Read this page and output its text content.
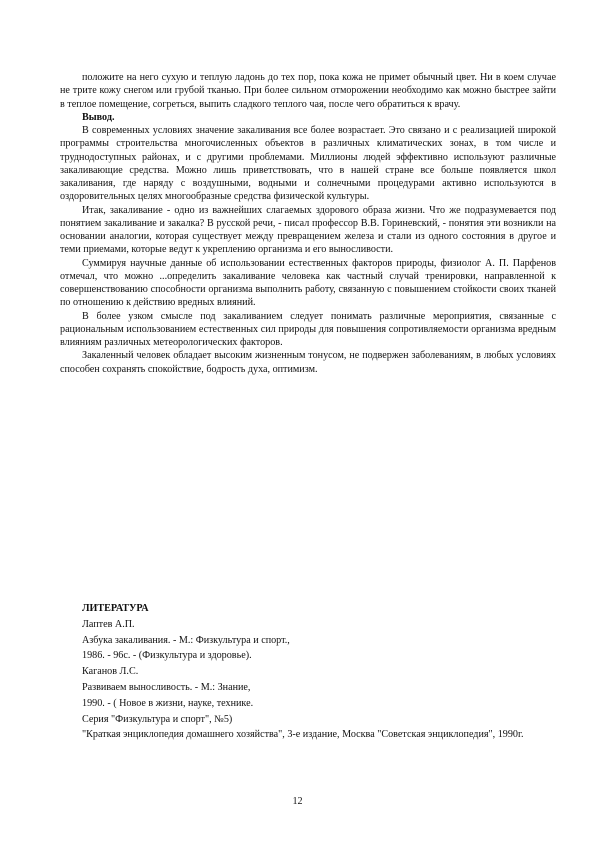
положите на него сухую и теплую ладонь до тех пор, пока кожа не примет обычный цвет. Ни в коем случае не трите кожу снегом или грубой тканью. При более сильном отморожении необходимо как можно быстрее зайти в теплое помещение, согреться, выпить сладкого теплого чая, после чего обратиться к врачу.

Вывод.

В современных условиях значение закаливания все более возрастает. Это связано и с реализацией широкой программы строительства многочисленных объектов в различных климатических зонах, в том числе и труднодоступных районах, и с другими проблемами. Миллионы людей эффективно используют различные закаливающие средства. Можно лишь приветствовать, что в нашей стране все больше появляется школ закаливания, где наряду с воздушными, водными и солнечными процедурами активно используются в оздоровительных целях многообразные средства физической культуры.

Итак, закаливание - одно из важнейших слагаемых здорового образа жизни. Что же подразумевается под понятием закаливание и закалка? В русской речи, - писал профессор В.В. Гориневский, - понятия эти возникли на основании аналогии, которая существует между превращением железа и стали из одного состояния в другое и теми приемами, которые ведут к укреплению организма и его выносливости.

Суммируя научные данные об использовании естественных факторов природы, физиолог А. П. Парфенов отмечал, что можно ...определить закаливание человека как частный случай тренировки, направленной к совершенствованию способности организма выполнить работу, связанную с повышением стойкости своих тканей по отношению к действию вредных влияний.

В более узком смысле под закаливанием следует понимать различные мероприятия, связанные с рациональным использованием естественных сил природы для повышения сопротивляемости организма вредным влияниям различных метеорологических факторов.

Закаленный человек обладает высоким жизненным тонусом, не подвержен заболеваниям, в любых условиях способен сохранять спокойствие, бодрость духа, оптимизм.

ЛИТЕРАТУРА

Лаптев А.П.

Азбука закаливания. - М.: Физкультура и спорт.,

1986. - 96с. - (Физкультура и здоровье).

Каганов Л.С.

Развиваем выносливость. - М.: Знание,

1990. - ( Новое в жизни, науке, технике.

Серия "Физкультура и спорт", №5)

"Краткая энциклопедия домашнего хозяйства", 3-е издание, Москва "Советская энциклопедия", 1990г.

12
